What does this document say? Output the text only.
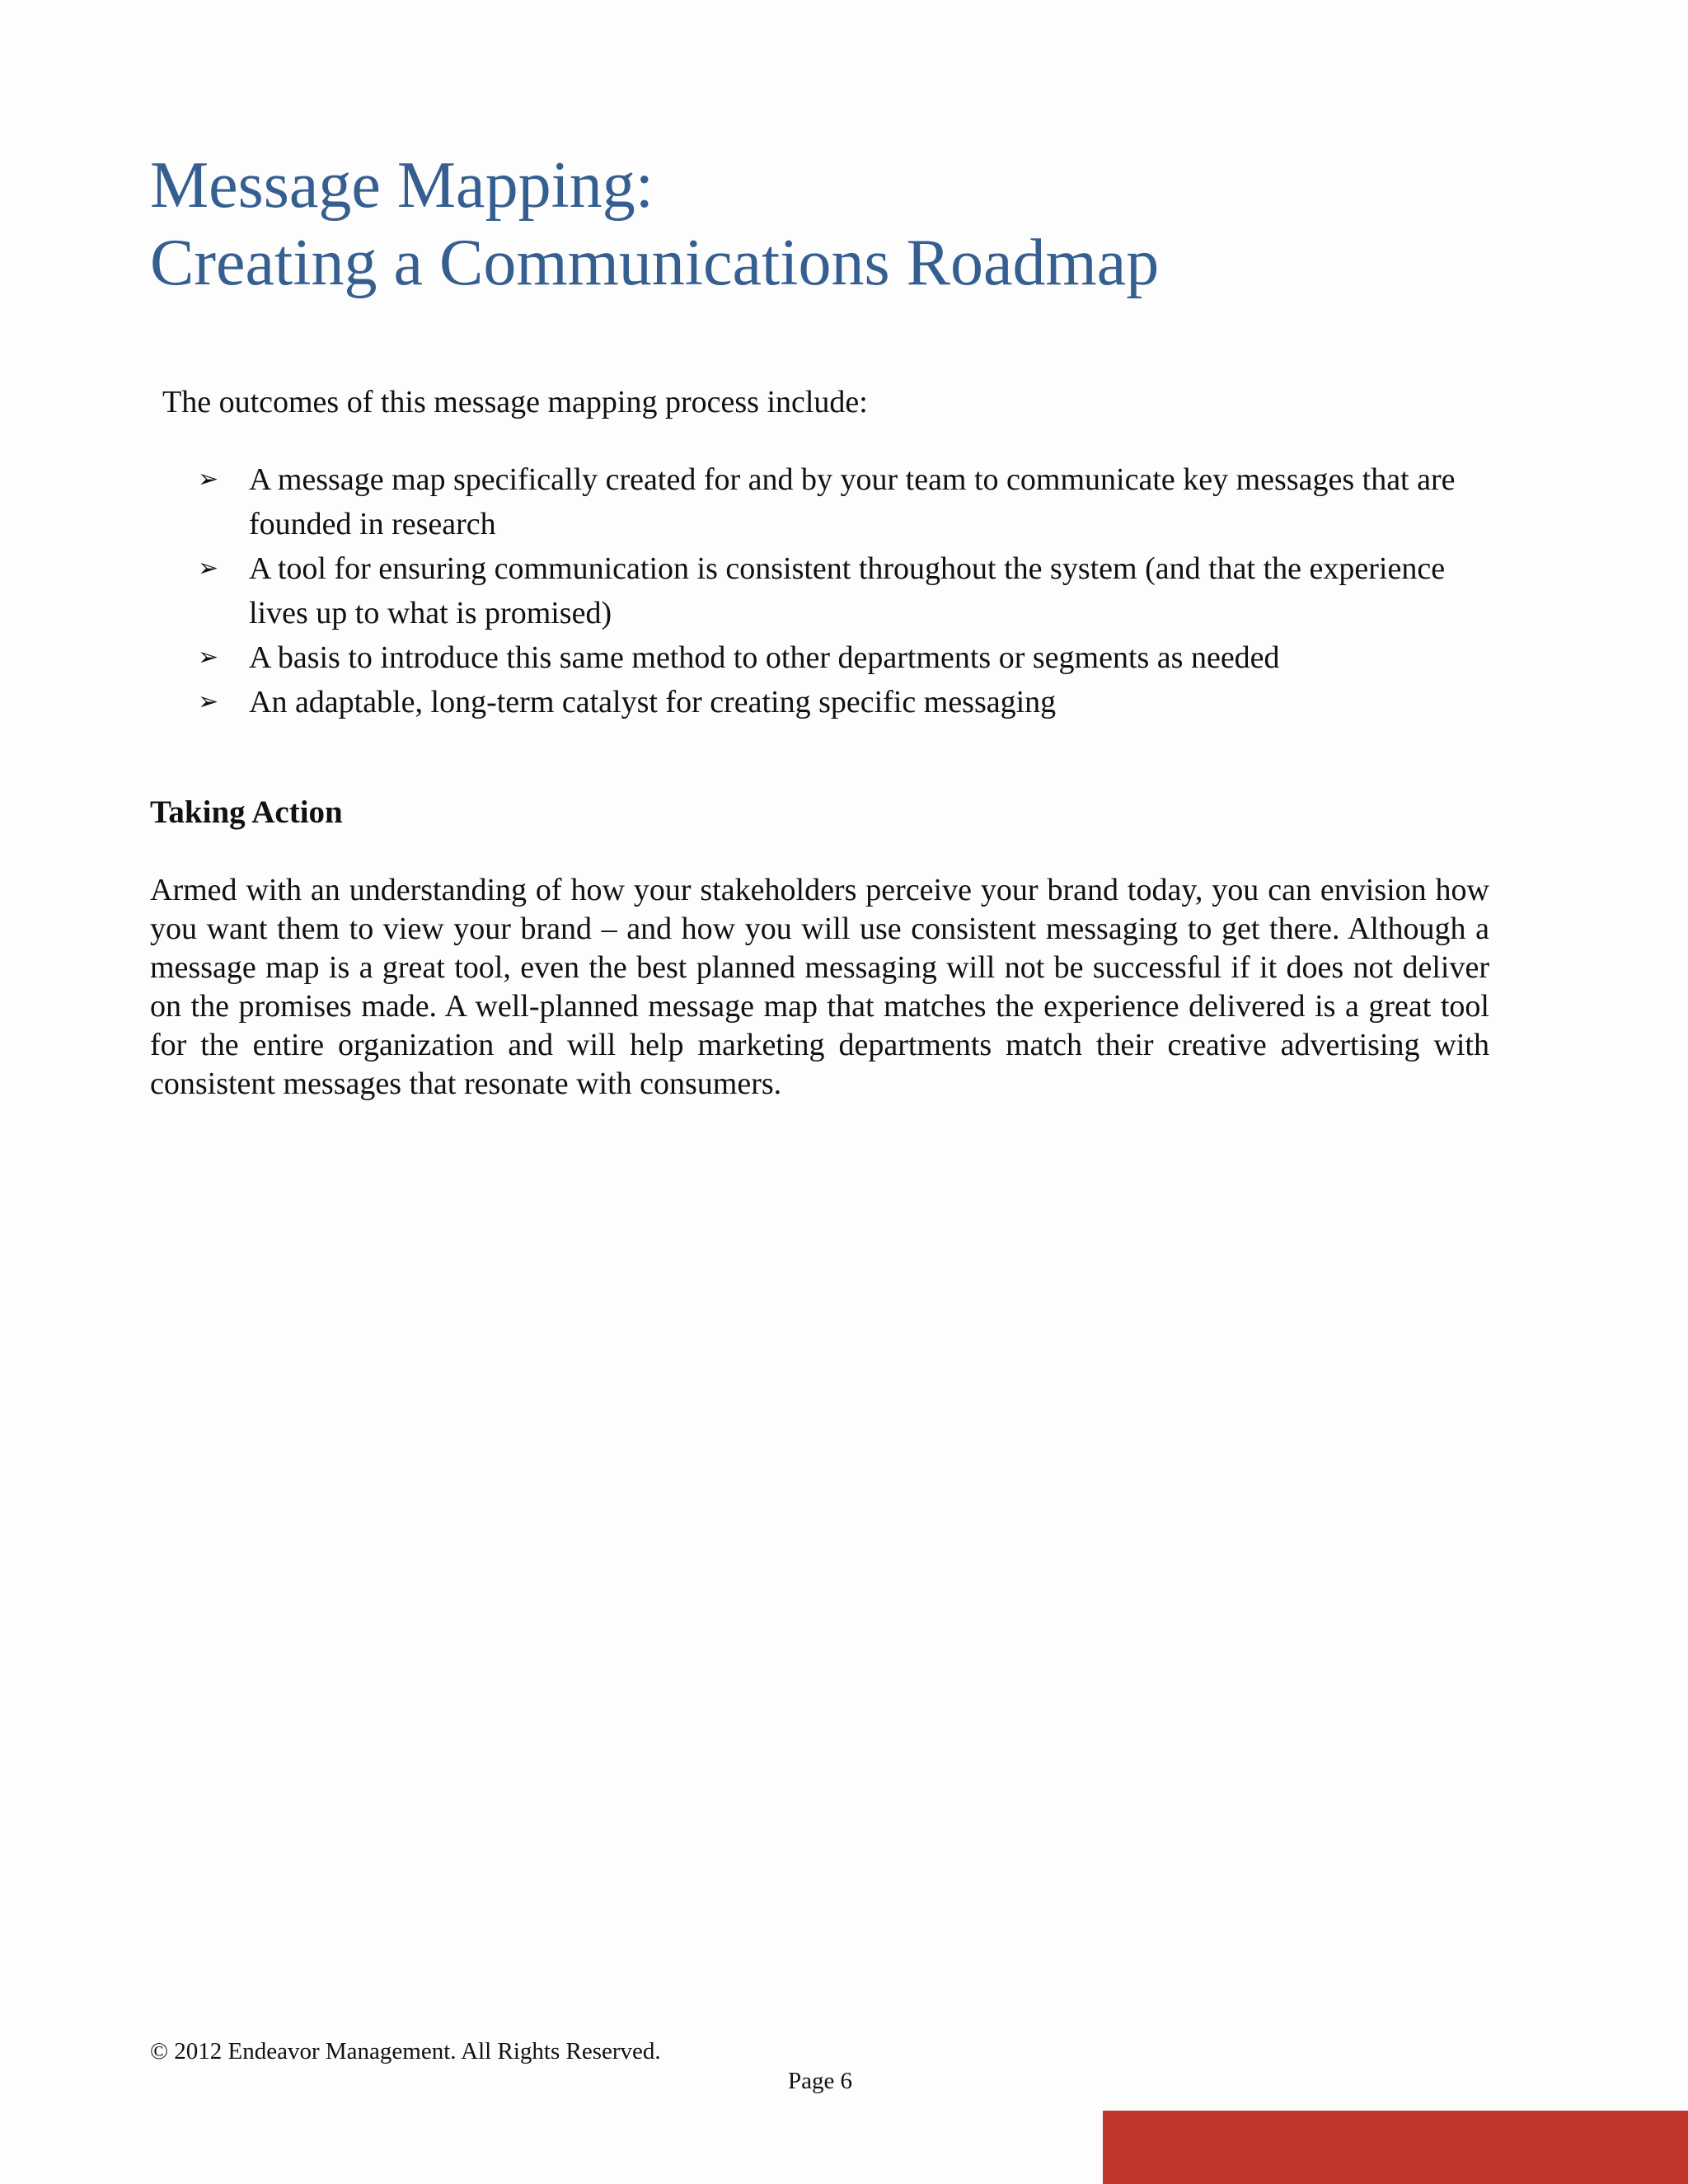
Message Mapping:
Creating a Communications Roadmap

The outcomes of this message mapping process include:

➢ A message map specifically created for and by your team to communicate key messages that are founded in research
➢ A tool for ensuring communication is consistent throughout the system (and that the experience lives up to what is promised)
➢ A basis to introduce this same method to other departments or segments as needed
➢ An adaptable, long-term catalyst for creating specific messaging
Taking Action

Armed with an understanding of how your stakeholders perceive your brand today, you can envision how you want them to view your brand – and how you will use consistent messaging to get there. Although a message map is a great tool, even the best planned messaging will not be successful if it does not deliver on the promises made. A well-planned message map that matches the experience delivered is a great tool for the entire organization and will help marketing departments match their creative advertising with consistent messages that resonate with consumers.

© 2012 Endeavor Management. All Rights Reserved.

Page 6
